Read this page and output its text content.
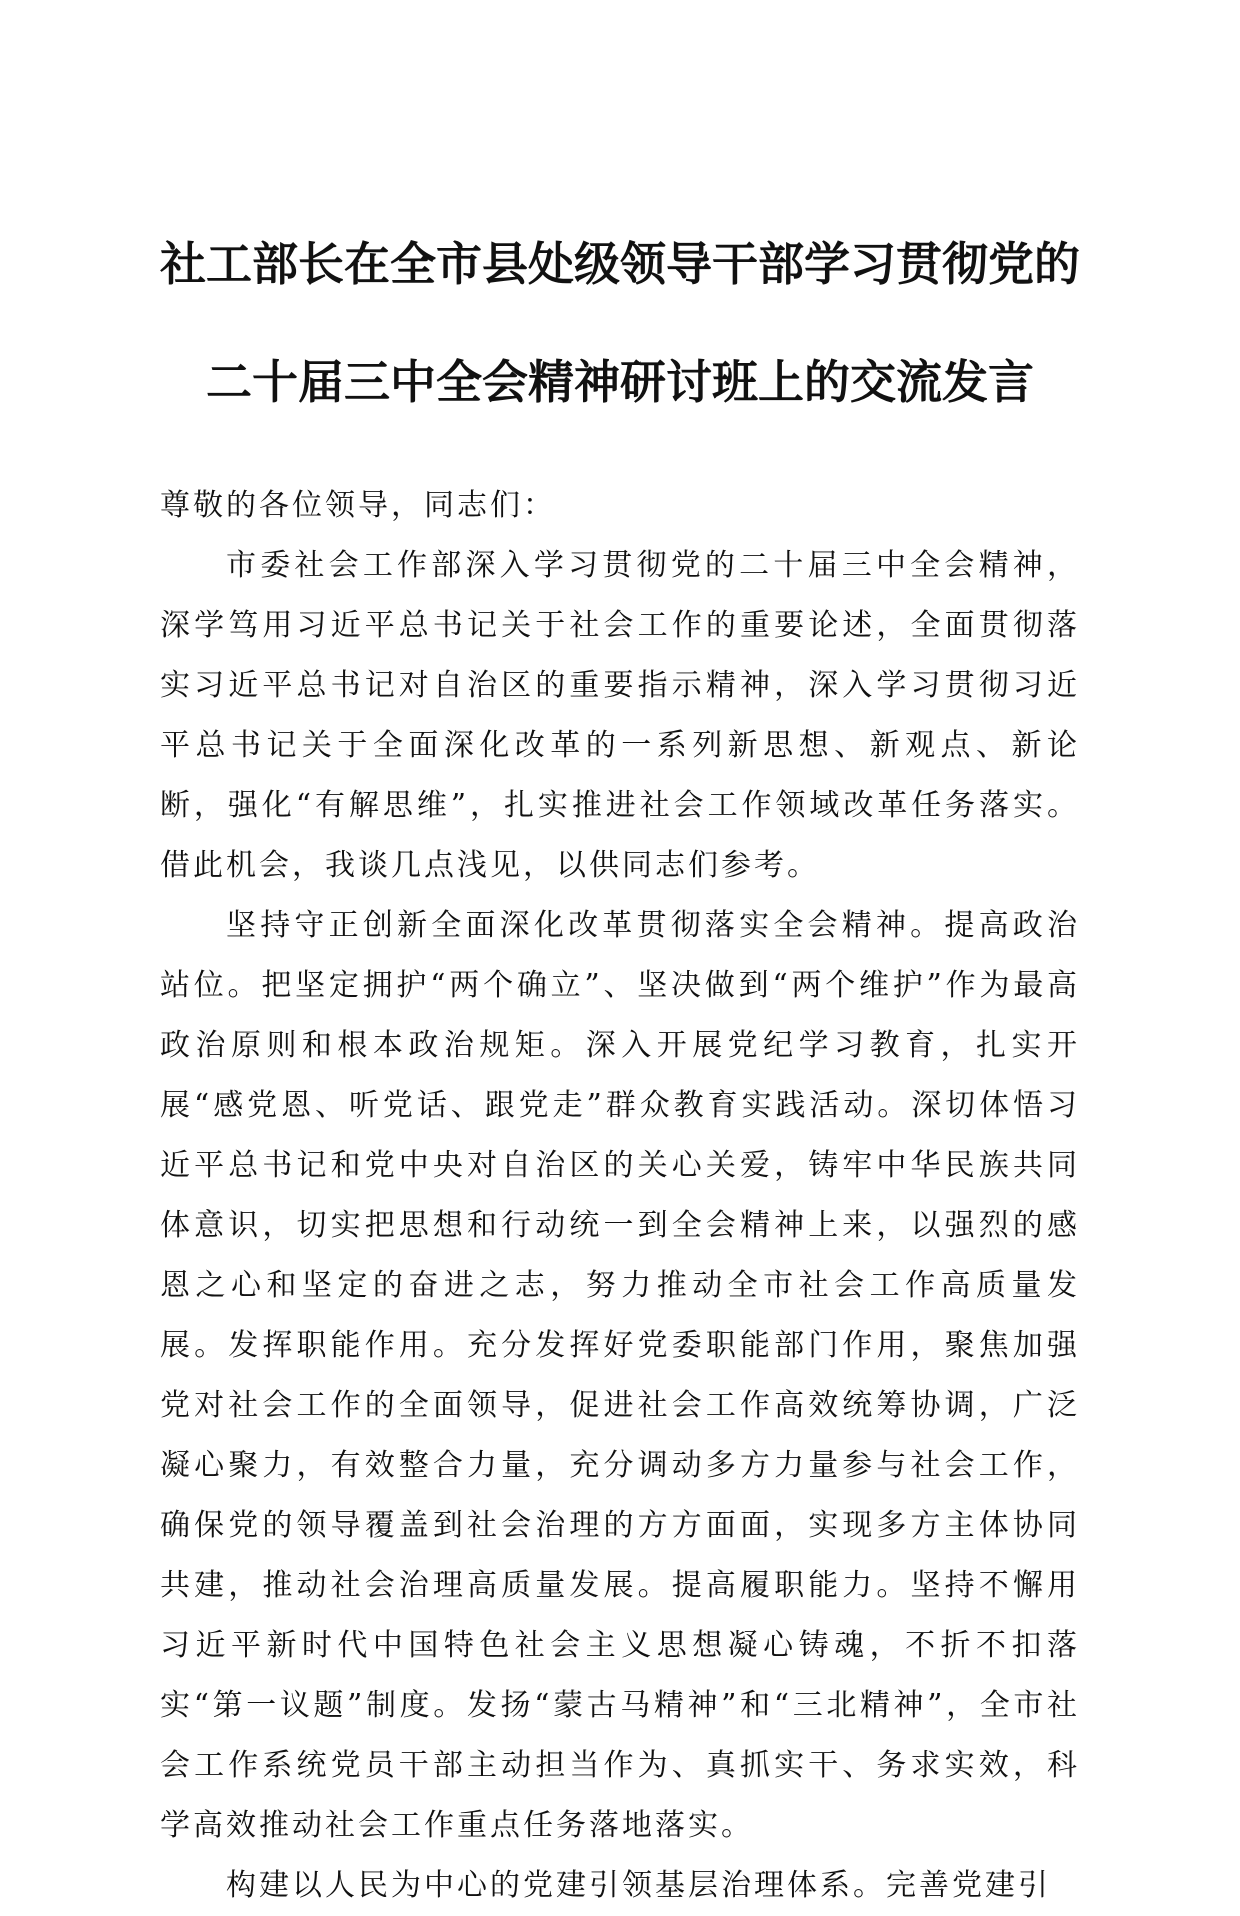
社工部长在全市县处级领导干部学习贯彻党的
二十届三中全会精神研讨班上的交流发言

尊敬的各位领导，同志们：

市委社会工作部深入学习贯彻党的二十届三中全会精神，深学笃用习近平总书记关于社会工作的重要论述，全面贯彻落实习近平总书记对自治区的重要指示精神，深入学习贯彻习近平总书记关于全面深化改革的一系列新思想、新观点、新论断，强化“有解思维”，扎实推进社会工作领域改革任务落实。借此机会，我谈几点浅见，以供同志们参考。

坚持守正创新全面深化改革贯彻落实全会精神。提高政治站位。把坚定拥护“两个确立”、坚决做到“两个维护”作为最高政治原则和根本政治规矩。深入开展党纪学习教育，扎实开展“感党恩、听党话、跟党走”群众教育实践活动。深切体悟习近平总书记和党中央对自治区的关心关爱，铸牢中华民族共同体意识，切实把思想和行动统一到全会精神上来，以强烈的感恩之心和坚定的奋进之志，努力推动全市社会工作高质量发展。发挥职能作用。充分发挥好党委职能部门作用，聚焦加强党对社会工作的全面领导，促进社会工作高效统筹协调，广泛凝心聚力，有效整合力量，充分调动多方力量参与社会工作，确保党的领导覆盖到社会治理的方方面面，实现多方主体协同共建，推动社会治理高质量发展。提高履职能力。坚持不懈用习近平新时代中国特色社会主义思想凝心铸魂，不折不扣落实“第一议题”制度。发扬“蒙古马精神”和“三北精神”，全市社会工作系统党员干部主动担当作为、真抓实干、务求实效，科学高效推动社会工作重点任务落地落实。

构建以人民为中心的党建引领基层治理体系。完善党建引
